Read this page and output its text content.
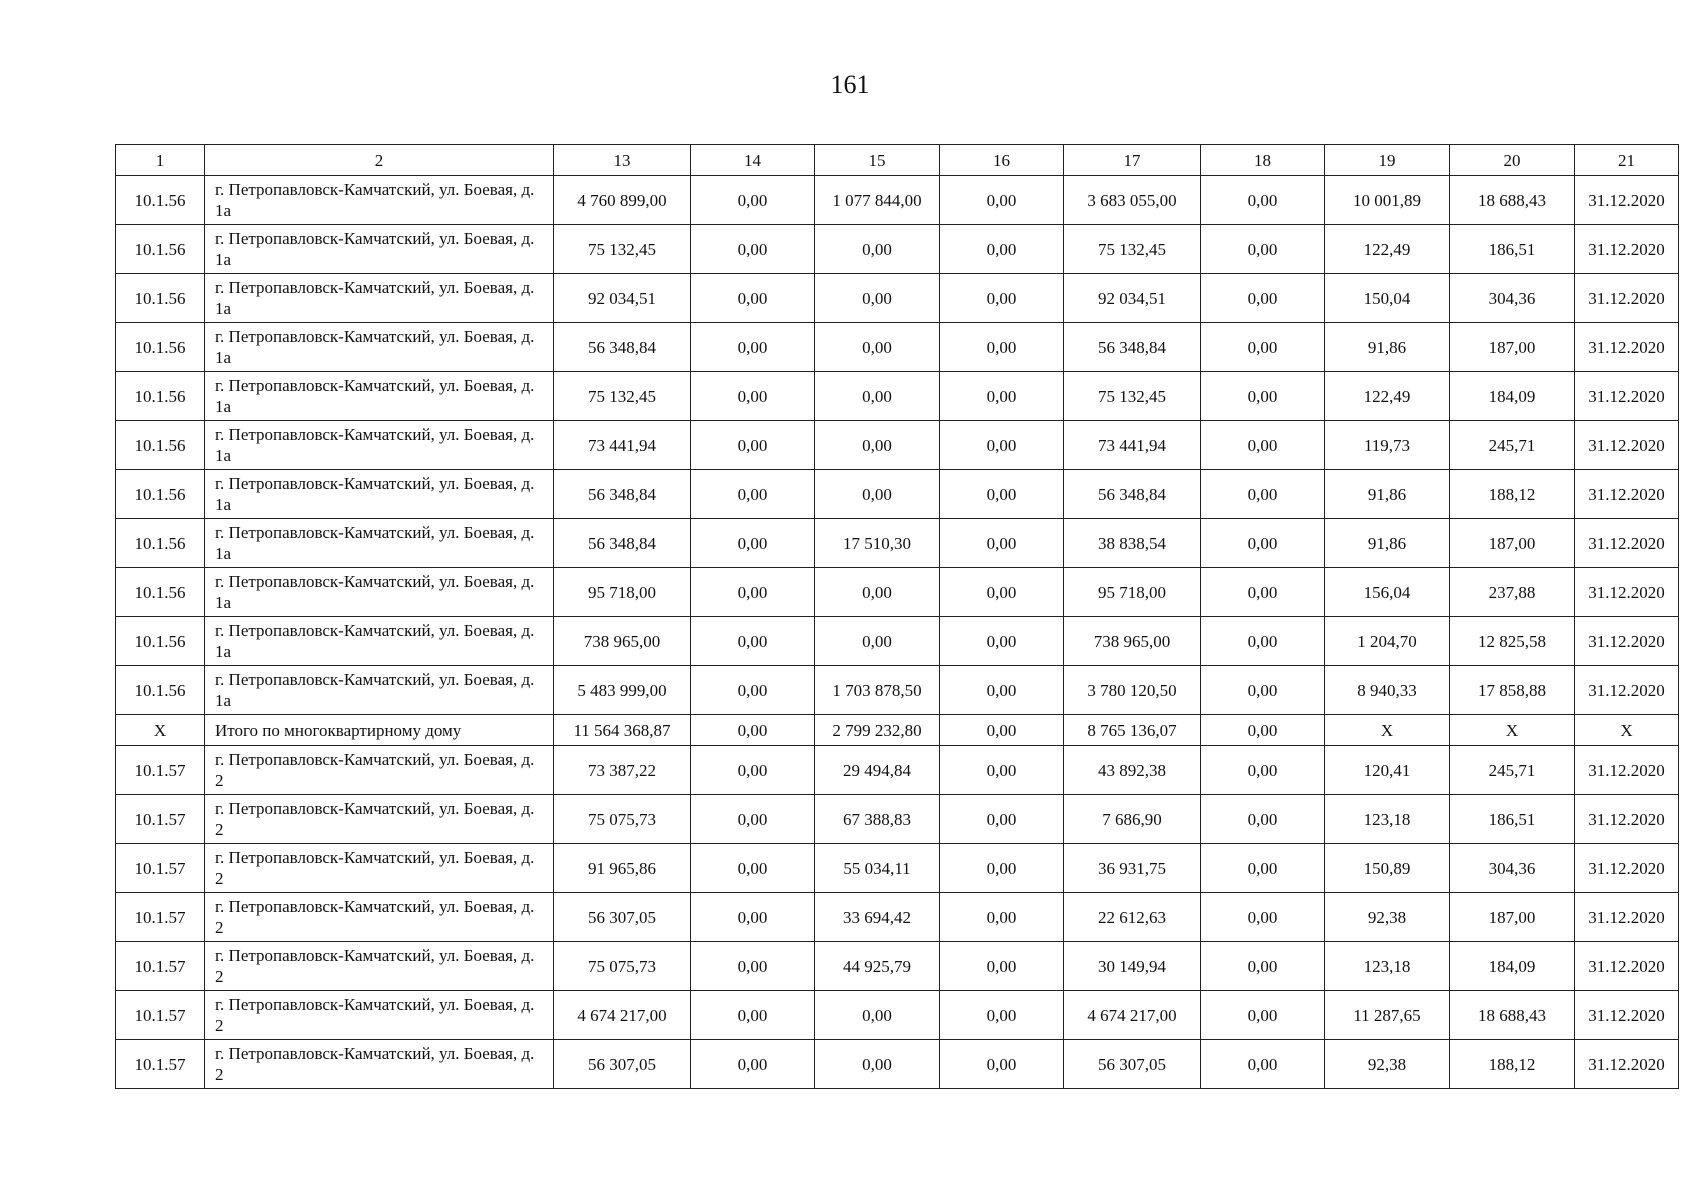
161
1	2	13	14	15	16	17	18	19	20	21
10.1.56	г. Петропавловск-Камчатский, ул. Боевая, д. 1а	4 760 899,00	0,00	1 077 844,00	0,00	3 683 055,00	0,00	10 001,89	18 688,43	31.12.2020
10.1.56	г. Петропавловск-Камчатский, ул. Боевая, д. 1а	75 132,45	0,00	0,00	0,00	75 132,45	0,00	122,49	186,51	31.12.2020
10.1.56	г. Петропавловск-Камчатский, ул. Боевая, д. 1а	92 034,51	0,00	0,00	0,00	92 034,51	0,00	150,04	304,36	31.12.2020
10.1.56	г. Петропавловск-Камчатский, ул. Боевая, д. 1а	56 348,84	0,00	0,00	0,00	56 348,84	0,00	91,86	187,00	31.12.2020
10.1.56	г. Петропавловск-Камчатский, ул. Боевая, д. 1а	75 132,45	0,00	0,00	0,00	75 132,45	0,00	122,49	184,09	31.12.2020
10.1.56	г. Петропавловск-Камчатский, ул. Боевая, д. 1а	73 441,94	0,00	0,00	0,00	73 441,94	0,00	119,73	245,71	31.12.2020
10.1.56	г. Петропавловск-Камчатский, ул. Боевая, д. 1а	56 348,84	0,00	0,00	0,00	56 348,84	0,00	91,86	188,12	31.12.2020
10.1.56	г. Петропавловск-Камчатский, ул. Боевая, д. 1а	56 348,84	0,00	17 510,30	0,00	38 838,54	0,00	91,86	187,00	31.12.2020
10.1.56	г. Петропавловск-Камчатский, ул. Боевая, д. 1а	95 718,00	0,00	0,00	0,00	95 718,00	0,00	156,04	237,88	31.12.2020
10.1.56	г. Петропавловск-Камчатский, ул. Боевая, д. 1а	738 965,00	0,00	0,00	0,00	738 965,00	0,00	1 204,70	12 825,58	31.12.2020
10.1.56	г. Петропавловск-Камчатский, ул. Боевая, д. 1а	5 483 999,00	0,00	1 703 878,50	0,00	3 780 120,50	0,00	8 940,33	17 858,88	31.12.2020
X	Итого по многоквартирному дому	11 564 368,87	0,00	2 799 232,80	0,00	8 765 136,07	0,00	X	X	X
10.1.57	г. Петропавловск-Камчатский, ул. Боевая, д. 2	73 387,22	0,00	29 494,84	0,00	43 892,38	0,00	120,41	245,71	31.12.2020
10.1.57	г. Петропавловск-Камчатский, ул. Боевая, д. 2	75 075,73	0,00	67 388,83	0,00	7 686,90	0,00	123,18	186,51	31.12.2020
10.1.57	г. Петропавловск-Камчатский, ул. Боевая, д. 2	91 965,86	0,00	55 034,11	0,00	36 931,75	0,00	150,89	304,36	31.12.2020
10.1.57	г. Петропавловск-Камчатский, ул. Боевая, д. 2	56 307,05	0,00	33 694,42	0,00	22 612,63	0,00	92,38	187,00	31.12.2020
10.1.57	г. Петропавловск-Камчатский, ул. Боевая, д. 2	75 075,73	0,00	44 925,79	0,00	30 149,94	0,00	123,18	184,09	31.12.2020
10.1.57	г. Петропавловск-Камчатский, ул. Боевая, д. 2	4 674 217,00	0,00	0,00	0,00	4 674 217,00	0,00	11 287,65	18 688,43	31.12.2020
10.1.57	г. Петропавловск-Камчатский, ул. Боевая, д. 2	56 307,05	0,00	0,00	0,00	56 307,05	0,00	92,38	188,12	31.12.2020
